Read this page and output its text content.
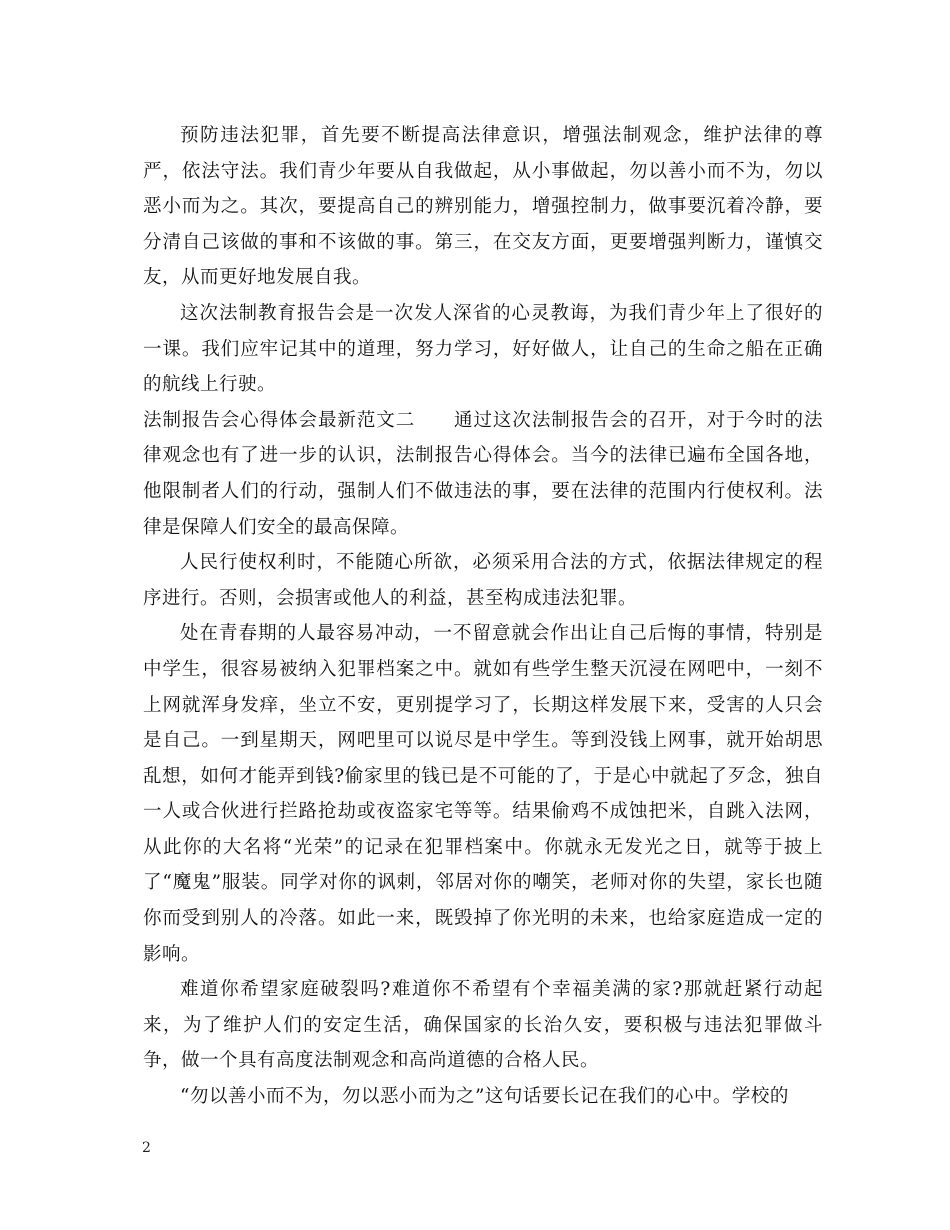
预防违法犯罪，首先要不断提高法律意识，增强法制观念，维护法律的尊严，依法守法。我们青少年要从自我做起，从小事做起，勿以善小而不为，勿以恶小而为之。其次，要提高自己的辨别能力，增强控制力，做事要沉着冷静，要分清自己该做的事和不该做的事。第三，在交友方面，更要增强判断力，谨慎交友，从而更好地发展自我。

这次法制教育报告会是一次发人深省的心灵教诲，为我们青少年上了很好的一课。我们应牢记其中的道理，努力学习，好好做人，让自己的生命之船在正确的航线上行驶。

法制报告会心得体会最新范文二　　通过这次法制报告会的召开，对于今时的法律观念也有了进一步的认识，法制报告心得体会。当今的法律已遍布全国各地，他限制者人们的行动，强制人们不做违法的事，要在法律的范围内行使权利。法律是保障人们安全的最高保障。

人民行使权利时，不能随心所欲，必须采用合法的方式，依据法律规定的程序进行。否则，会损害或他人的利益，甚至构成违法犯罪。

处在青春期的人最容易冲动，一不留意就会作出让自己后悔的事情，特别是中学生，很容易被纳入犯罪档案之中。就如有些学生整天沉浸在网吧中，一刻不上网就浑身发痒，坐立不安，更别提学习了，长期这样发展下来，受害的人只会是自己。一到星期天，网吧里可以说尽是中学生。等到没钱上网事，就开始胡思乱想，如何才能弄到钱?偷家里的钱已是不可能的了，于是心中就起了歹念，独自一人或合伙进行拦路抢劫或夜盗家宅等等。结果偷鸡不成蚀把米，自跳入法网，从此你的大名将“光荣”的记录在犯罪档案中。你就永无发光之日，就等于披上了“魔鬼”服装。同学对你的讽刺，邻居对你的嘲笑，老师对你的失望，家长也随你而受到别人的冷落。如此一来，既毁掉了你光明的未来，也给家庭造成一定的影响。

难道你希望家庭破裂吗?难道你不希望有个幸福美满的家?那就赶紧行动起来，为了维护人们的安定生活，确保国家的长治久安，要积极与违法犯罪做斗争，做一个具有高度法制观念和高尚道德的合格人民。

“勿以善小而不为，勿以恶小而为之”这句话要长记在我们的心中。学校的

2
